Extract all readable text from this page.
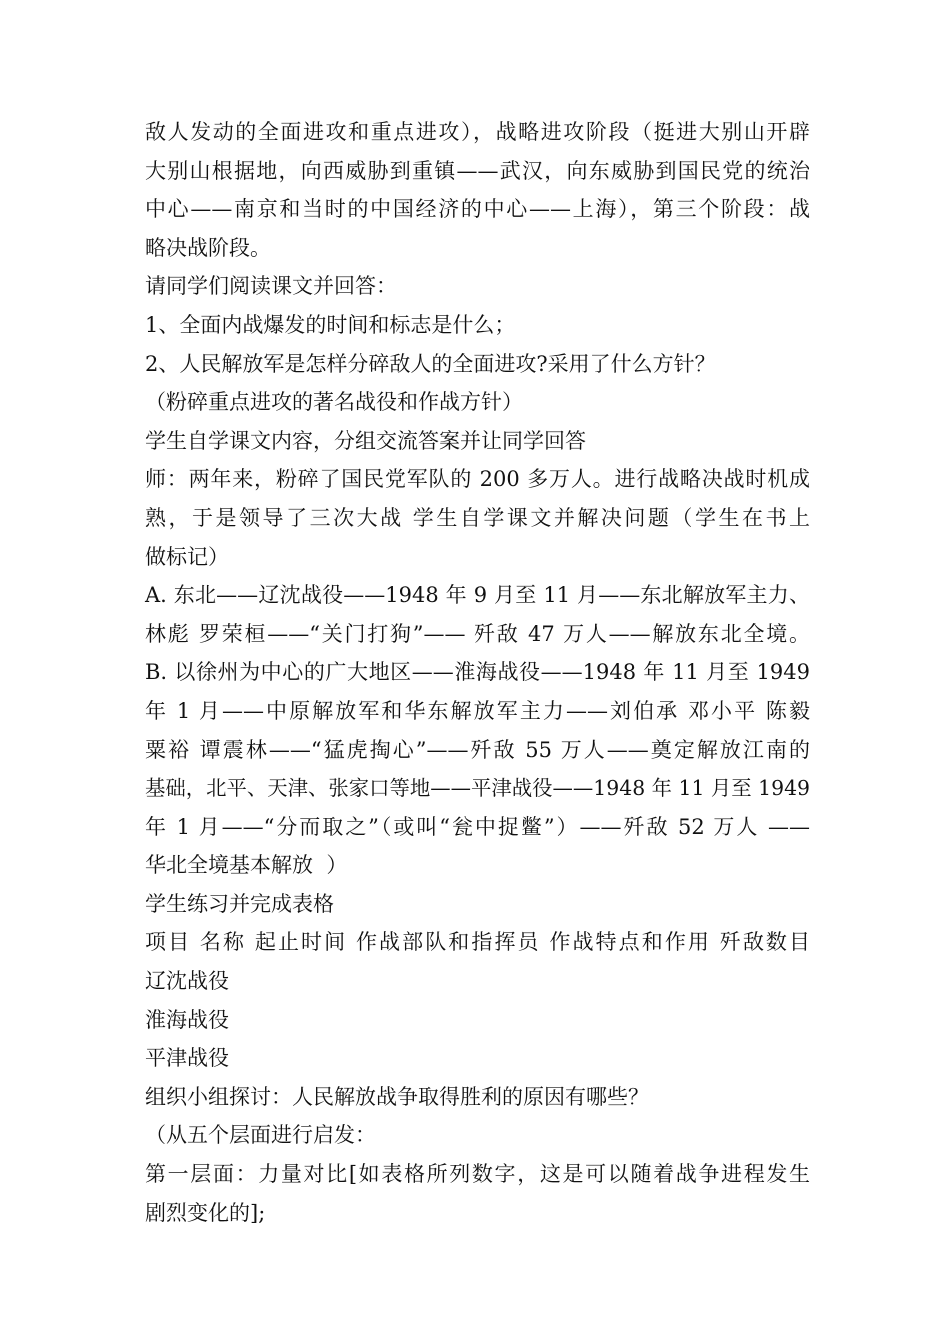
敌人发动的全面进攻和重点进攻），战略进攻阶段（挺进大别山开辟
大别山根据地，向西威胁到重镇——武汉，向东威胁到国民党的统治
中心——南京和当时的中国经济的中心——上海），第三个阶段：战
略决战阶段。
请同学们阅读课文并回答：
1、全面内战爆发的时间和标志是什么；
2、人民解放军是怎样分碎敌人的全面进攻?采用了什么方针？
（粉碎重点进攻的著名战役和作战方针）
学生自学课文内容，分组交流答案并让同学回答
师：两年来，粉碎了国民党军队的 200 多万人。进行战略决战时机成
熟，于是领导了三次大战 学生自学课文并解决问题（学生在书上
做标记）
A. 东北——辽沈战役——1948 年 9 月至 11 月——东北解放军主力、
林彪 罗荣桓——“关门打狗”—— 歼敌 47 万人——解放东北全境。
B. 以徐州为中心的广大地区——淮海战役——1948 年 11 月至 1949
年 1 月——中原解放军和华东解放军主力——刘伯承 邓小平 陈毅
粟裕 谭震林——“猛虎掏心”——歼敌 55 万人——奠定解放江南的
基础，北平、天津、张家口等地——平津战役——1948 年 11 月至 1949
年 1 月——“分而取之”（或叫“瓮中捉鳖”）——歼敌 52 万人 ——
华北全境基本解放  ）
学生练习并完成表格
项目 名称 起止时间 作战部队和指挥员 作战特点和作用 歼敌数目
辽沈战役
淮海战役
平津战役
组织小组探讨：人民解放战争取得胜利的原因有哪些？
（从五个层面进行启发：
第一层面：力量对比[如表格所列数字，这是可以随着战争进程发生
剧烈变化的];
